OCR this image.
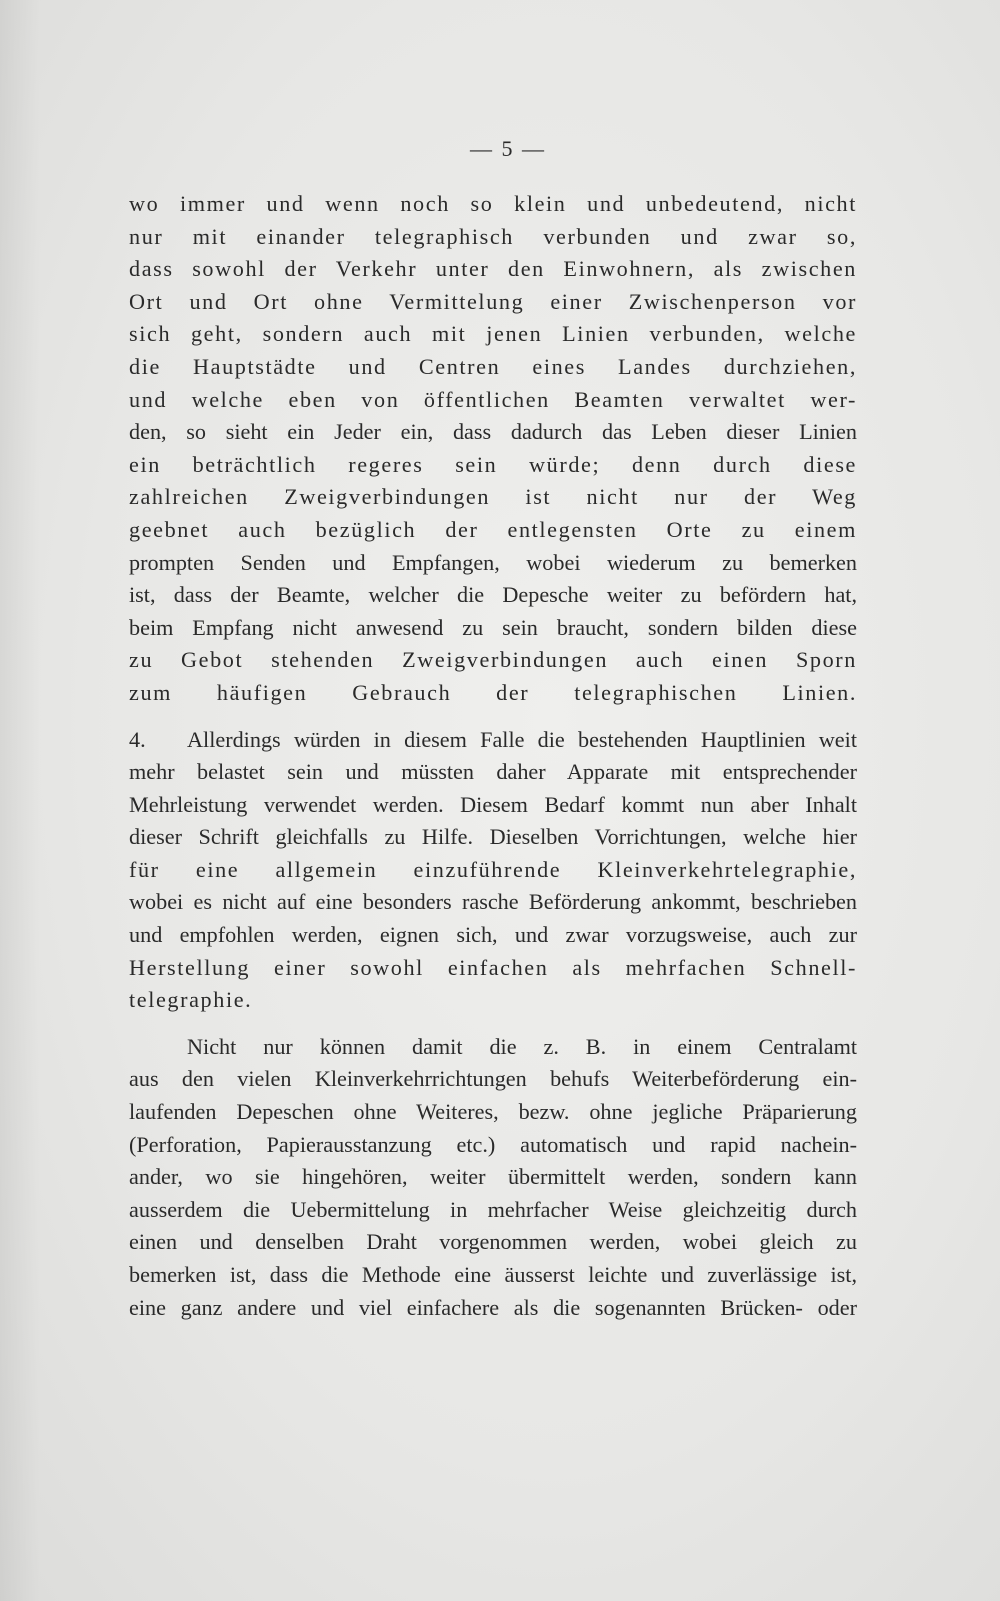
— 5 —
wo immer und wenn noch so klein und unbedeutend, nicht
nur mit einander telegraphisch verbunden und zwar so,
dass sowohl der Verkehr unter den Einwohnern, als zwischen
Ort und Ort ohne Vermittelung einer Zwischenperson vor
sich geht, sondern auch mit jenen Linien verbunden, welche
die Hauptstädte und Centren eines Landes durchziehen,
und welche eben von öffentlichen Beamten verwaltet wer-
den, so sieht ein Jeder ein, dass dadurch das Leben dieser Linien
ein beträchtlich regeres sein würde; denn durch diese
zahlreichen Zweigverbindungen ist nicht nur der Weg
geebnet auch bezüglich der entlegensten Orte zu einem
prompten Senden und Empfangen, wobei wiederum zu bemerken
ist, dass der Beamte, welcher die Depesche weiter zu befördern hat,
beim Empfang nicht anwesend zu sein braucht, sondern bilden diese
zu Gebot stehenden Zweigverbindungen auch einen Sporn
zum häufigen Gebrauch der telegraphischen Linien.
4. Allerdings würden in diesem Falle die bestehenden Hauptlinien weit
mehr belastet sein und müssten daher Apparate mit entsprechender
Mehrleistung verwendet werden. Diesem Bedarf kommt nun aber Inhalt
dieser Schrift gleichfalls zu Hilfe. Dieselben Vorrichtungen, welche hier
für eine allgemein einzuführende Kleinverkehrtelegraphie,
wobei es nicht auf eine besonders rasche Beförderung ankommt, beschrieben
und empfohlen werden, eignen sich, und zwar vorzugsweise, auch zur
Herstellung einer sowohl einfachen als mehrfachen Schnell-
telegraphie.
Nicht nur können damit die z. B. in einem Centralamt
aus den vielen Kleinverkehrrichtungen behufs Weiterbeförderung ein-
laufenden Depeschen ohne Weiteres, bezw. ohne jegliche Präparierung
(Perforation, Papierausstanzung etc.) automatisch und rapid nachein-
ander, wo sie hingehören, weiter übermittelt werden, sondern kann
ausserdem die Uebermittelung in mehrfacher Weise gleichzeitig durch
einen und denselben Draht vorgenommen werden, wobei gleich zu
bemerken ist, dass die Methode eine äusserst leichte und zuverlässige ist,
eine ganz andere und viel einfachere als die sogenannten Brücken- oder
